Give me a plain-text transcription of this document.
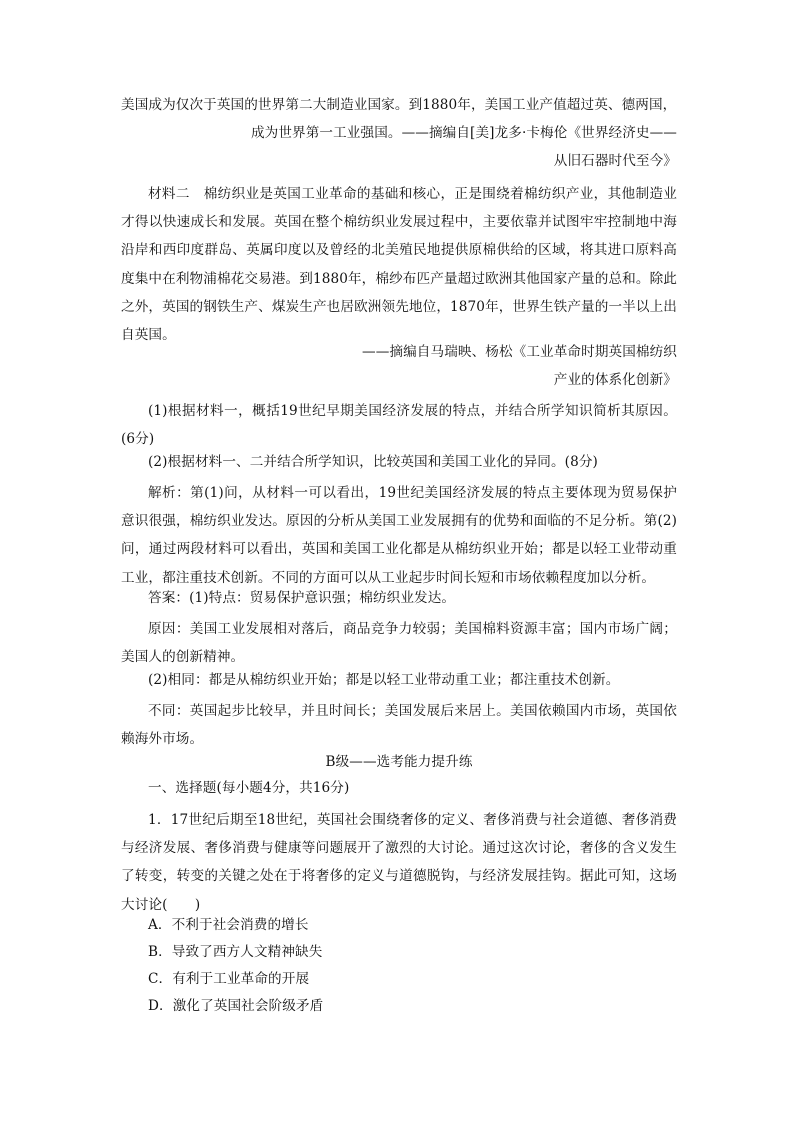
美国成为仅次于英国的世界第二大制造业国家。到1880年，美国工业产值超过英、德两国，
成为世界第一工业强国。——摘编自[美]龙多·卡梅伦《世界经济史——
从旧石器时代至今》
材料二　棉纺织业是英国工业革命的基础和核心，正是围绕着棉纺织产业，其他制造业才得以快速成长和发展。英国在整个棉纺织业发展过程中，主要依靠并试图牢牢控制地中海沿岸和西印度群岛、英属印度以及曾经的北美殖民地提供原棉供给的区域，将其进口原料高度集中在利物浦棉花交易港。到1880年，棉纱布匹产量超过欧洲其他国家产量的总和。除此之外，英国的钢铁生产、煤炭生产也居欧洲领先地位，1870年，世界生铁产量的一半以上出自英国。
——摘编自马瑞映、杨松《工业革命时期英国棉纺织
产业的体系化创新》
(1)根据材料一，概括19世纪早期美国经济发展的特点，并结合所学知识简析其原因。(6分)
(2)根据材料一、二并结合所学知识，比较英国和美国工业化的异同。(8分)
解析：第(1)问，从材料一可以看出，19世纪美国经济发展的特点主要体现为贸易保护意识很强，棉纺织业发达。原因的分析从美国工业发展拥有的优势和面临的不足分析。第(2)问，通过两段材料可以看出，英国和美国工业化都是从棉纺织业开始；都是以轻工业带动重工业，都注重技术创新。不同的方面可以从工业起步时间长短和市场依赖程度加以分析。
答案：(1)特点：贸易保护意识强；棉纺织业发达。
原因：美国工业发展相对落后，商品竞争力较弱；美国棉料资源丰富；国内市场广阔；美国人的创新精神。
(2)相同：都是从棉纺织业开始；都是以轻工业带动重工业；都注重技术创新。
不同：英国起步比较早，并且时间长；美国发展后来居上。美国依赖国内市场，英国依赖海外市场。
B级——选考能力提升练
一、选择题(每小题4分，共16分)
1．17世纪后期至18世纪，英国社会围绕奢侈的定义、奢侈消费与社会道德、奢侈消费与经济发展、奢侈消费与健康等问题展开了激烈的大讨论。通过这次讨论，奢侈的含义发生了转变，转变的关键之处在于将奢侈的定义与道德脱钩，与经济发展挂钩。据此可知，这场大讨论(　　)
A．不利于社会消费的增长
B．导致了西方人文精神缺失
C．有利于工业革命的开展
D．激化了英国社会阶级矛盾
